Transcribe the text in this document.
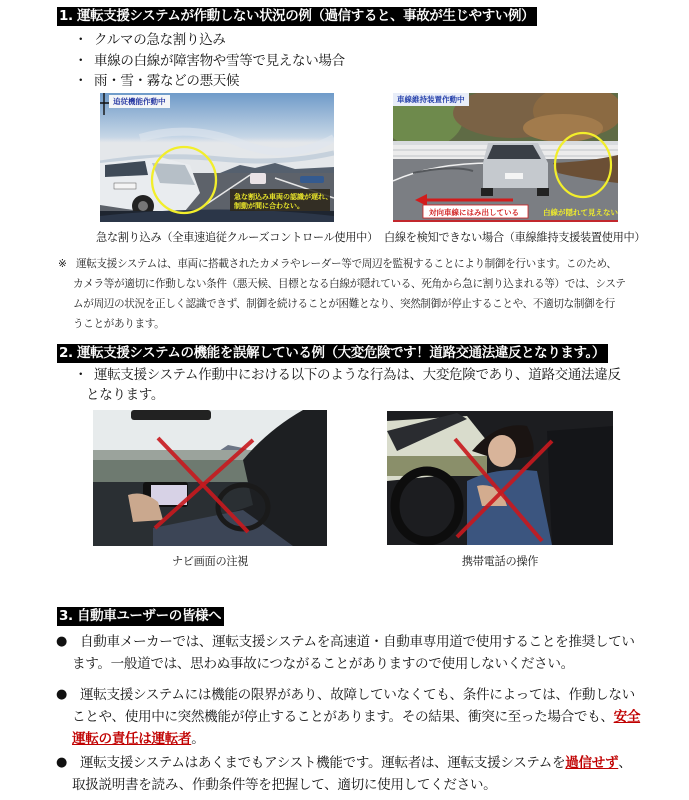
1. 運転支援システムが作動しない状況の例（過信すると、事故が生じやすい例）
・ クルマの急な割り込み
・ 車線の白線が障害物や雪等で見えない場合
・ 雨・雪・霧などの悪天候
追従機能作動中
急な割込み車両の認識が遅れ、
制動が間に合わない。
急な割り込み（全車速追従クルーズコントロール使用中）
車線維持装置作動中
対向車線にはみ出している	白線が隠れて見えない
白線を検知できない場合（車線維持支援装置使用中）
※ 運転支援システムは、車両に搭載されたカメラやレーダー等で周辺を監視することにより制御を行います。このため、
カメラ等が適切に作動しない条件（悪天候、目標となる白線が隠れている、死角から急に割り込まれる等）では、システ
ムが周辺の状況を正しく認識できず、制御を続けることが困難となり、突然制御が停止することや、不適切な制御を行
うことがあります。
2. 運転支援システムの機能を誤解している例（大変危険です！道路交通法違反となります。）
・ 運転支援システム作動中における以下のような行為は、大変危険であり、道路交通法違反
となります。
ナビ画面の注視	携帯電話の操作
3. 自動車ユーザーの皆様へ
● 自動車メーカーでは、運転支援システムを高速道・自動車専用道で使用することを推奨してい
ます。一般道では、思わぬ事故につながることがありますので使用しないください。
● 運転支援システムには機能の限界があり、故障していなくても、条件によっては、作動しない
ことや、使用中に突然機能が停止することがあります。その結果、衝突に至った場合でも、安全
運転の責任は運転者。
● 運転支援システムはあくまでもアシスト機能です。運転者は、運転支援システムを過信せず、
取扱説明書を読み、作動条件等を把握して、適切に使用してください。
